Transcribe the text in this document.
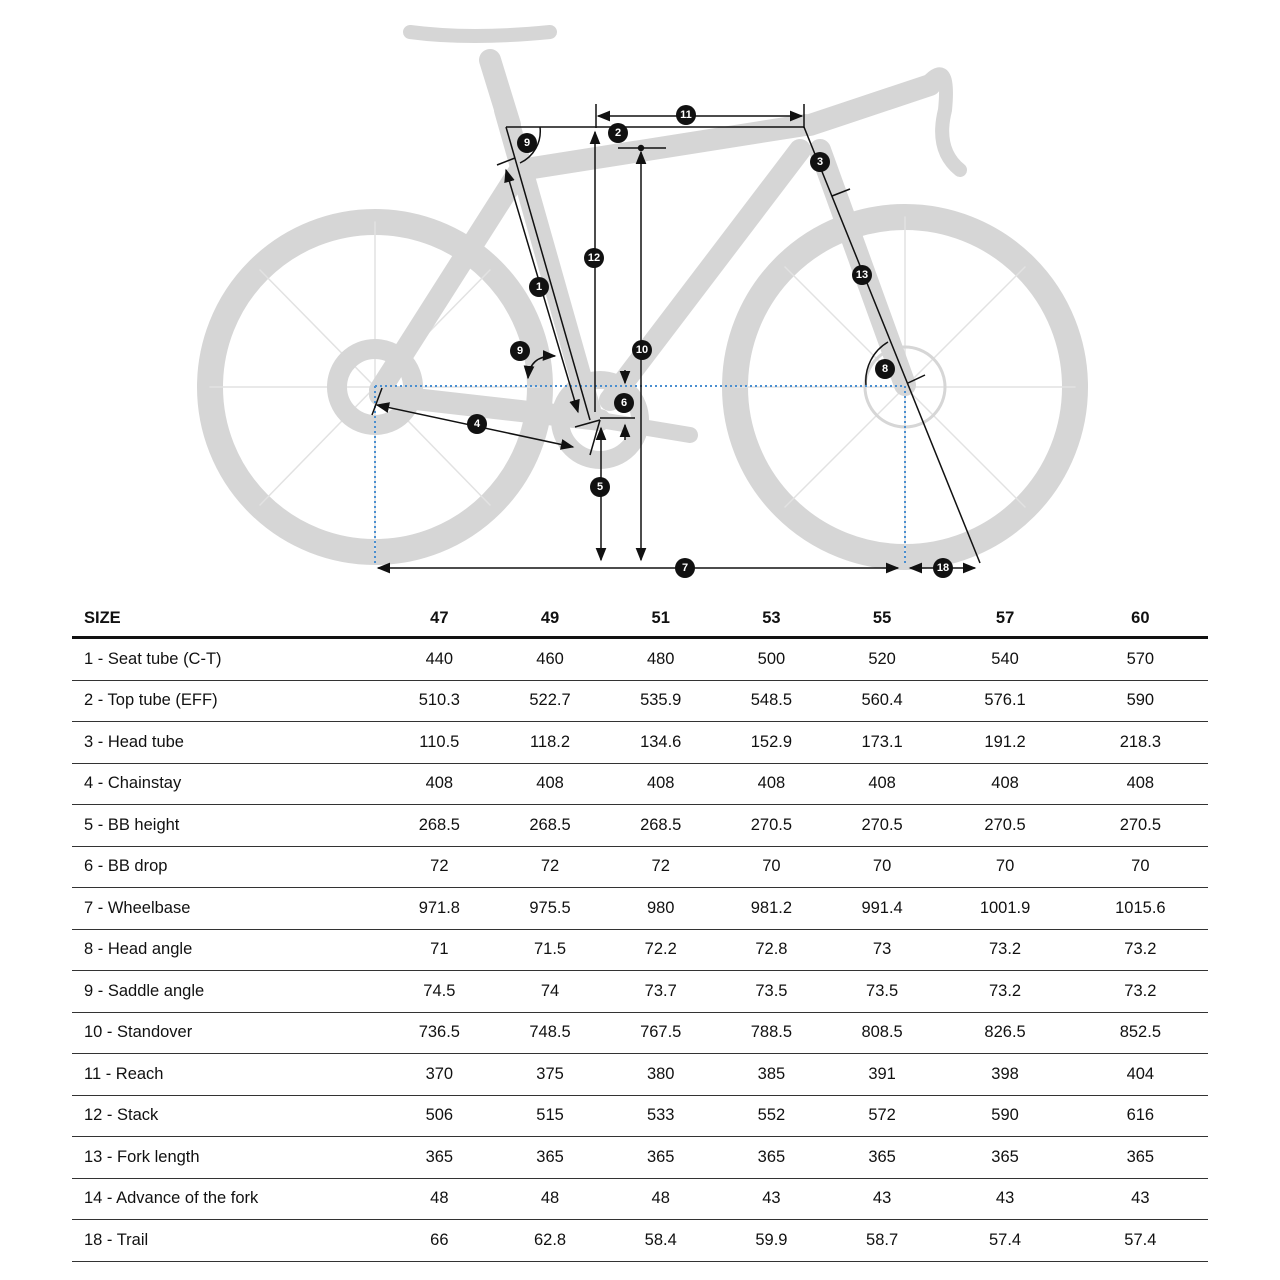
1
2
3
4
5
6
7
8
9
9	10
11
12
13
18
SIZE	47	49	51	53	55	57	60
1 - Seat tube (C-T)	440	460	480	500	520	540	570
2 - Top tube (EFF)	510.3	522.7	535.9	548.5	560.4	576.1	590
3 - Head tube	110.5	118.2	134.6	152.9	173.1	191.2	218.3
4 - Chainstay	408	408	408	408	408	408	408
5 - BB height	268.5	268.5	268.5	270.5	270.5	270.5	270.5
6 - BB drop	72	72	72	70	70	70	70
7 - Wheelbase	971.8	975.5	980	981.2	991.4	1001.9	1015.6
8 - Head angle	71	71.5	72.2	72.8	73	73.2	73.2
9 - Saddle angle	74.5	74	73.7	73.5	73.5	73.2	73.2
10 - Standover	736.5	748.5	767.5	788.5	808.5	826.5	852.5
11 - Reach	370	375	380	385	391	398	404
12 - Stack	506	515	533	552	572	590	616
13 - Fork length	365	365	365	365	365	365	365
14 - Advance of the fork	48	48	48	43	43	43	43
18 - Trail	66	62.8	58.4	59.9	58.7	57.4	57.4
